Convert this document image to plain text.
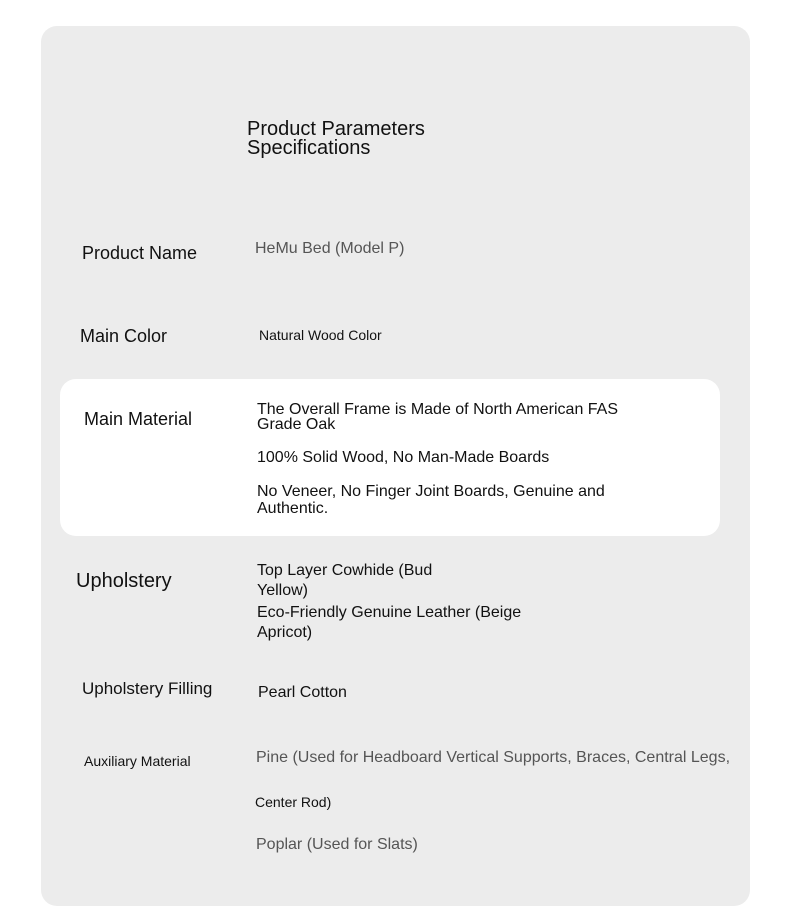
Product Parameters
Specifications
Product Name	HeMu Bed (Model P)
Main Color	Natural Wood Color
Main Material	The Overall Frame is Made of North American FAS Grade Oak
100% Solid Wood, No Man-Made Boards
No Veneer, No Finger Joint Boards, Genuine and Authentic.
Upholstery	Top Layer Cowhide (Bud Yellow)
Eco-Friendly Genuine Leather (Beige Apricot)
Upholstery Filling	Pearl Cotton
Auxiliary Material	Pine (Used for Headboard Vertical Supports, Braces, Central Legs,
Center Rod)
Poplar (Used for Slats)
